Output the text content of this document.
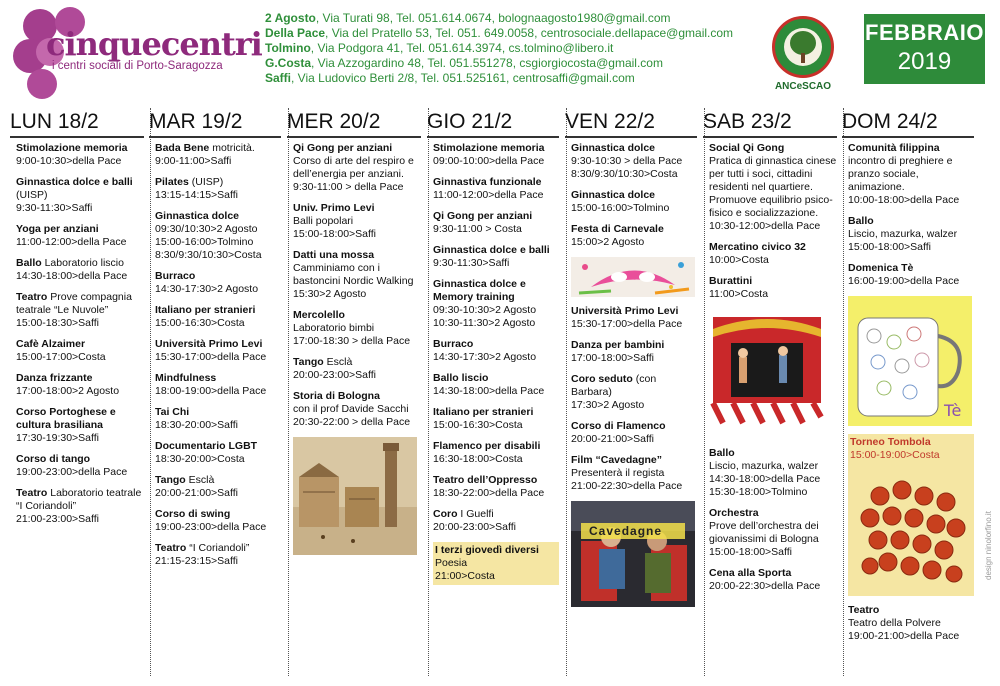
cinquecentri
i centri sociali di Porto-Saragozza
2 Agosto, Via Turati 98, Tel. 051.614.0674, bolognaagosto1980@gmail.com
Della Pace, Via del Pratello 53, Tel. 051. 649.0058, centrosociale.dellapace@gmail.com
Tolmino, Via Podgora 41, Tel. 051.614.3974, cs.tolmino@libero.it
G.Costa, Via Azzogardino 48, Tel. 051.551278, csgiorgiocosta@gmail.com
Saffi, Via Ludovico Berti 2/8, Tel. 051.525161, centrosaffi@gmail.com
ANCeSCAO
FEBBRAIO
2019
LUN 18/2
Stimolazione memoria
9:00-10:30>della Pace
Ginnastica dolce e balli
(UISP)
9:30-11:30>Saffi
Yoga per anziani
11:00-12:00>della Pace
Ballo Laboratorio liscio
14:30-18:00>della Pace
Teatro Prove compagnia teatrale “Le Nuvole”
15:00-18:30>Saffi
Cafè Alzaimer
15:00-17:00>Costa
Danza frizzante
17:00-18:00>2 Agosto
Corso Portoghese e cultura brasiliana
17:30-19:30>Saffi
Corso di tango
19:00-23:00>della Pace
Teatro Laboratorio teatrale “I Coriandoli”
21:00-23:00>Saffi
MAR 19/2
Bada Bene motricità.
9:00-11:00>Saffi
Pilates (UISP)
13:15-14:15>Saffi
Ginnastica dolce
09:30/10:30>2 Agosto
15:00-16:00>Tolmino
8:30/9:30/10:30>Costa
Burraco
14:30-17:30>2 Agosto
Italiano per stranieri
15:00-16:30>Costa
Università Primo Levi
15:30-17:00>della Pace
Mindfulness
18:00-19:00>della Pace
Tai Chi
18:30-20:00>Saffi
Documentario LGBT
18:30-20:00>Costa
Tango Esclà
20:00-21:00>Saffi
Corso di swing
19:00-23:00>della Pace
Teatro “I Coriandoli”
21:15-23:15>Saffi
MER 20/2
Qi Gong per anziani
Corso di arte del respiro e dell’energia per anziani.
9:30-11:00 > della Pace
Univ. Primo Levi
Balli popolari
15:00-18:00>Saffi
Datti una mossa
Camminiamo con i bastoncini Nordic Walking
15:30>2 Agosto
Mercolello
Laboratorio bimbi
17:00-18:30 > della Pace
Tango Esclà
20:00-23:00>Saffi
Storia di Bologna
con il prof Davide Sacchi
20:30-22:00 > della Pace
GIO 21/2
Stimolazione memoria
09:00-10:00>della Pace
Ginnastiva funzionale
11:00-12:00>della Pace
Qi Gong per anziani
9:30-11:00 > Costa
Ginnastica dolce e balli
9:30-11:30>Saffi
Ginnastica dolce e Memory training
09:30-10:30>2 Agosto
10:30-11:30>2 Agosto
Burraco
14:30-17:30>2 Agosto
Ballo liscio
14:30-18:00>della Pace
Italiano per stranieri
15:00-16:30>Costa
Flamenco per disabili
16:30-18:00>Costa
Teatro dell’Oppresso
18:30-22:00>della Pace
Coro I Guelfi
20:00-23:00>Saffi
I terzi giovedì diversi
Poesia
21:00>Costa
VEN 22/2
Ginnastica dolce
9:30-10:30 > della Pace
8:30/9:30/10:30>Costa
Ginnastica dolce
15:00-16:00>Tolmino
Festa di Carnevale
15:00>2 Agosto
Università Primo Levi
15:30-17:00>della Pace
Danza per bambini
17:00-18:00>Saffi
Coro seduto (con Barbara)
17:30>2 Agosto
Corso di Flamenco
20:00-21:00>Saffi
Film “Cavedagne”
Presenterà il regista
21:00-22:30>della Pace
Cavedagne
SAB 23/2
Social Qi Gong
Pratica di ginnastica cinese per tutti i soci, cittadini residenti nel quartiere. Promuove equilibrio psico-fisico e socializzazione.
10:30-12:00>della Pace
Mercatino civico 32
10:00>Costa
Burattini
11:00>Costa
Ballo
Liscio, mazurka, walzer
14:30-18:00>della Pace
15:30-18:00>Tolmino
Orchestra
Prove dell’orchestra dei giovanissimi di Bologna
15:00-18:00>Saffi
Cena alla Sporta
20:00-22:30>della Pace
DOM 24/2
Comunità filippina
incontro di preghiere e pranzo sociale, animazione.
10:00-18:00>della Pace
Ballo
Liscio, mazurka, walzer
15:00-18:00>Saffi
Domenica Tè
16:00-19:00>della Pace
Tè
Torneo Tombola
15:00-19:00>Costa
Teatro
Teatro della Polvere
19:00-21:00>della Pace
design ninolorfino.it
